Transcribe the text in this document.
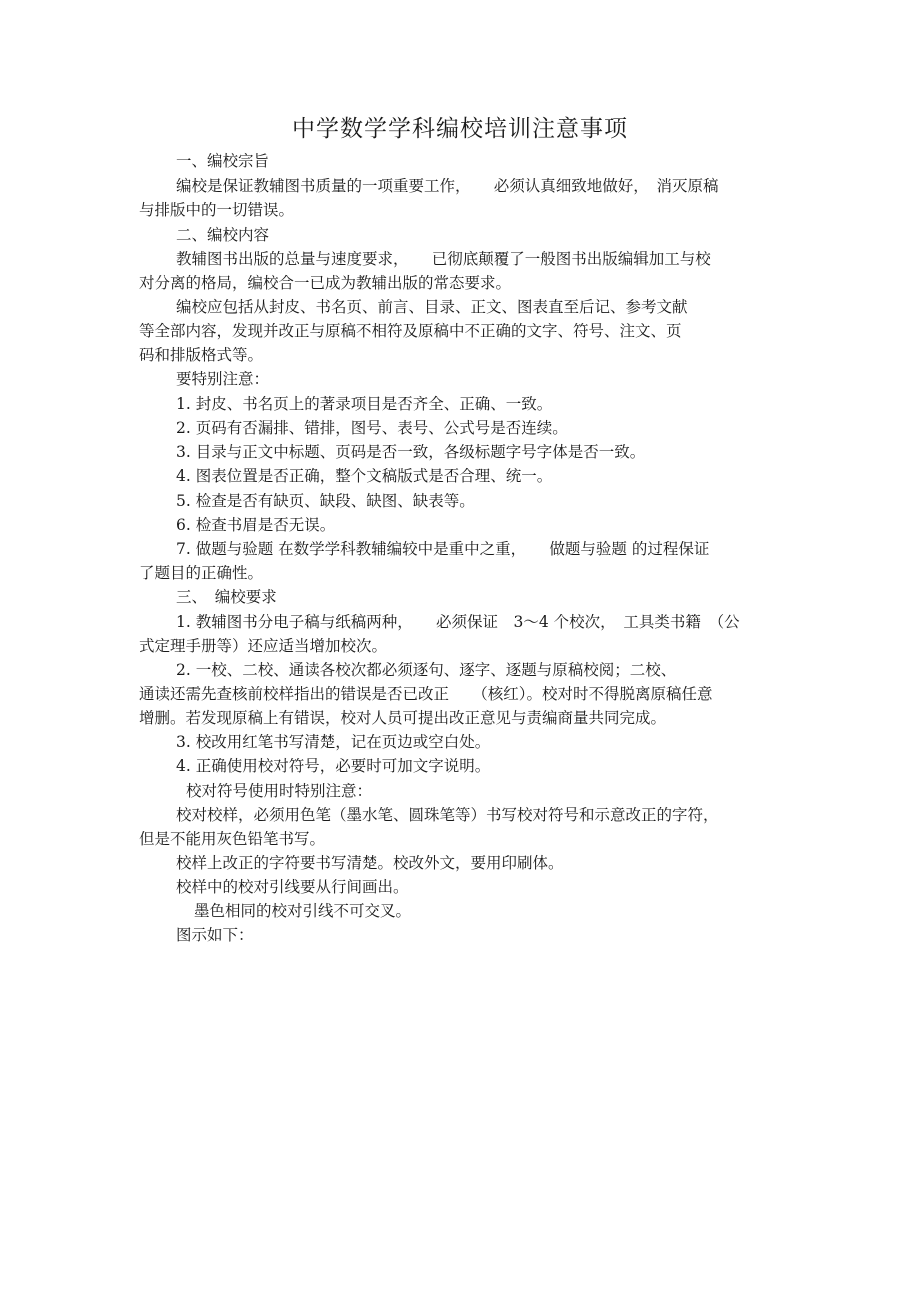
中学数学学科编校培训注意事项
一、编校宗旨
编校是保证教辅图书质量的一项重要工作，　　必须认真细致地做好，　消灭原稿
与排版中的一切错误。
二、编校内容
教辅图书出版的总量与速度要求，　　已彻底颠覆了一般图书出版编辑加工与校
对分离的格局，编校合一已成为教辅出版的常态要求。
编校应包括从封皮、书名页、前言、目录、正文、图表直至后记、参考文献
等全部内容，发现并改正与原稿不相符及原稿中不正确的文字、符号、注文、页
码和排版格式等。
要特别注意：
1. 封皮、书名页上的著录项目是否齐全、正确、一致。
2. 页码有否漏排、错排，图号、表号、公式号是否连续。
3. 目录与正文中标题、页码是否一致，各级标题字号字体是否一致。
4. 图表位置是否正确，整个文稿版式是否合理、统一。
5. 检查是否有缺页、缺段、缺图、缺表等。
6. 检查书眉是否无误。
7. 做题与验题 在数学学科教辅编较中是重中之重，　　做题与验题 的过程保证
了题目的正确性。
三、　编校要求
1. 教辅图书分电子稿与纸稿两种，　　必须保证　3～4 个校次，　工具类书籍　（公
式定理手册等）还应适当增加校次。
2. 一校、二校、通读各校次都必须逐句、逐字、逐题与原稿校阅；二校、
通读还需先查核前校样指出的错误是否已改正　　（核红）。校对时不得脱离原稿任意
增删。若发现原稿上有错误，校对人员可提出改正意见与责编商量共同完成。
3. 校改用红笔书写清楚，记在页边或空白处。
4. 正确使用校对符号，必要时可加文字说明。
校对符号使用时特别注意：
校对校样，必须用色笔（墨水笔、圆珠笔等）书写校对符号和示意改正的字符，
但是不能用灰色铅笔书写。
校样上改正的字符要书写清楚。校改外文，要用印刷体。
校样中的校对引线要从行间画出。
墨色相同的校对引线不可交叉。
图示如下：
